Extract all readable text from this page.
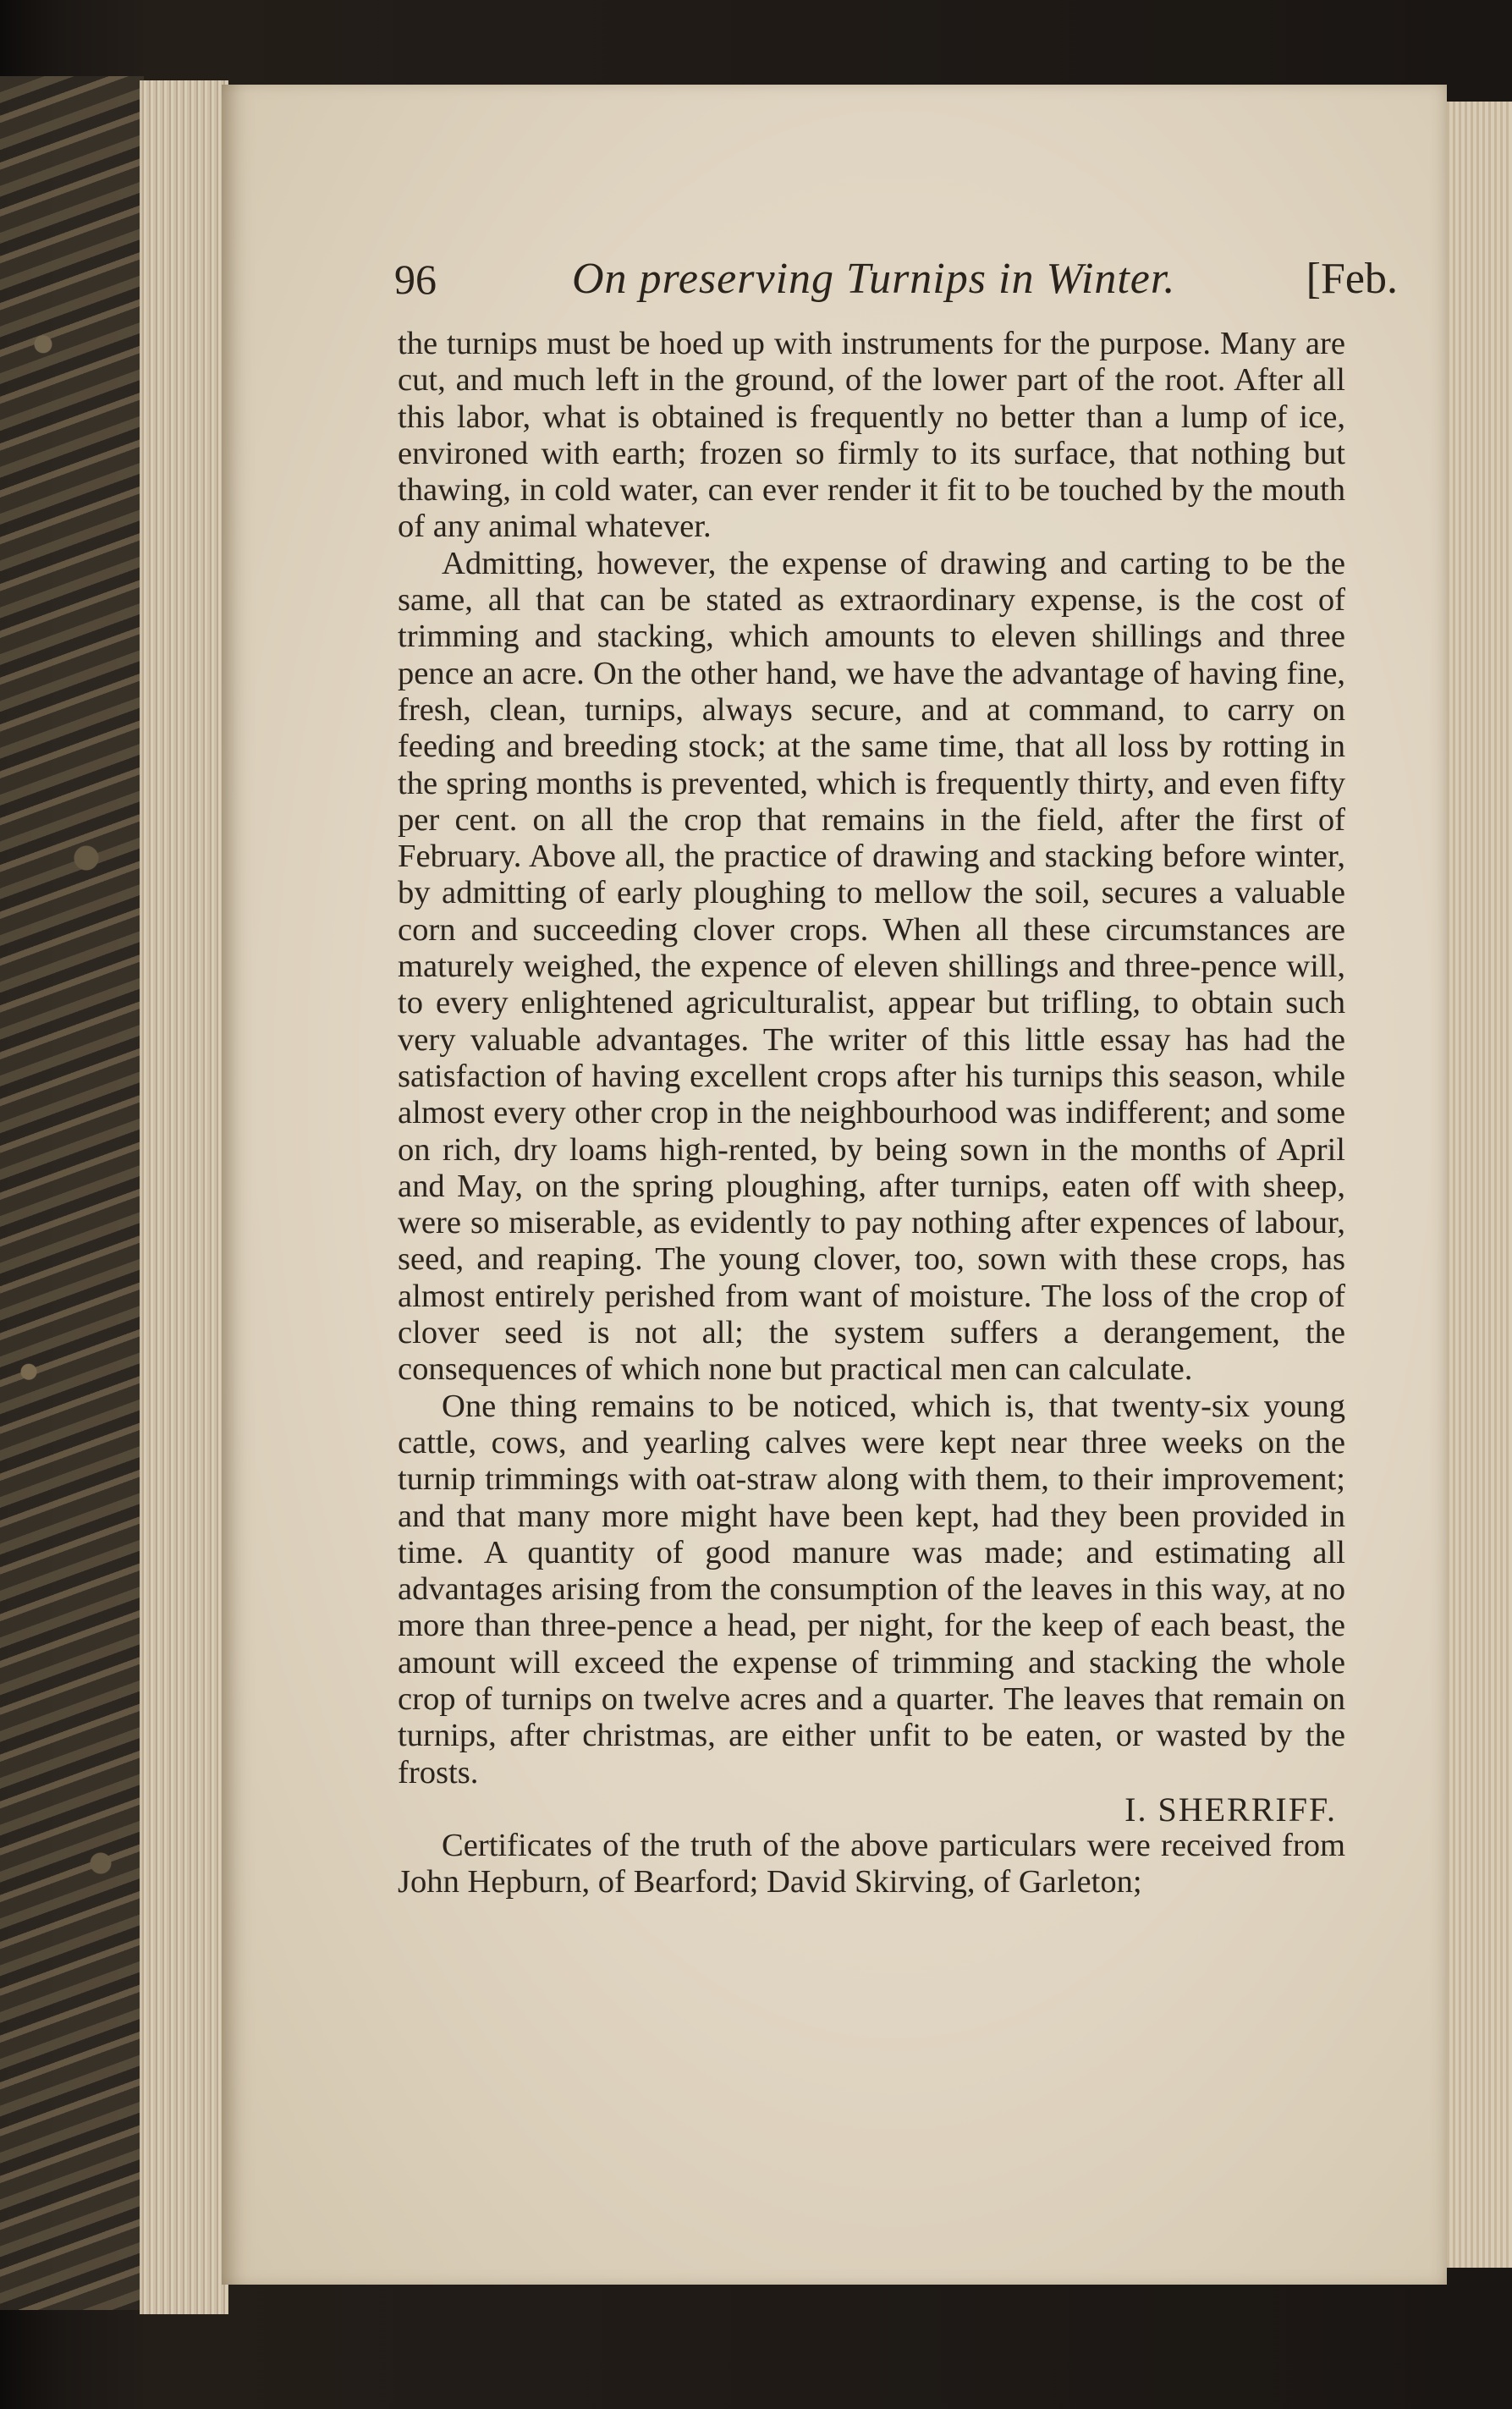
96	On preserving Turnips in Winter.	[Feb.

the turnips must be hoed up with instruments for the purpose. Many are cut, and much left in the ground, of the lower part of the root. After all this labor, what is obtained is frequently no better than a lump of ice, environed with earth; frozen so firmly to its surface, that nothing but thawing, in cold water, can ever render it fit to be touched by the mouth of any animal whatever.

Admitting, however, the expense of drawing and carting to be the same, all that can be stated as extraordinary expense, is the cost of trimming and stacking, which amounts to eleven shillings and three pence an acre. On the other hand, we have the advantage of having fine, fresh, clean, turnips, always secure, and at command, to carry on feeding and breeding stock; at the same time, that all loss by rotting in the spring months is prevented, which is frequently thirty, and even fifty per cent. on all the crop that remains in the field, after the first of February. Above all, the practice of drawing and stacking before winter, by admitting of early ploughing to mellow the soil, secures a valuable corn and succeeding clover crops. When all these circumstances are maturely weighed, the expence of eleven shillings and three-pence will, to every enlightened agriculturalist, appear but trifling, to obtain such very valuable advantages. The writer of this little essay has had the satisfaction of having excellent crops after his turnips this season, while almost every other crop in the neighbourhood was indifferent; and some on rich, dry loams high-rented, by being sown in the months of April and May, on the spring ploughing, after turnips, eaten off with sheep, were so miserable, as evidently to pay nothing after expences of labour, seed, and reaping. The young clover, too, sown with these crops, has almost entirely perished from want of moisture. The loss of the crop of clover seed is not all; the system suffers a derangement, the consequences of which none but practical men can calculate.

One thing remains to be noticed, which is, that twenty-six young cattle, cows, and yearling calves were kept near three weeks on the turnip trimmings with oat-straw along with them, to their improvement; and that many more might have been kept, had they been provided in time. A quantity of good manure was made; and estimating all advantages arising from the consumption of the leaves in this way, at no more than three-pence a head, per night, for the keep of each beast, the amount will exceed the expense of trimming and stacking the whole crop of turnips on twelve acres and a quarter. The leaves that remain on turnips, after christmas, are either unfit to be eaten, or wasted by the frosts.

I. SHERRIFF.

Certificates of the truth of the above particulars were received from John Hepburn, of Bearford; David Skirving, of Garleton;
